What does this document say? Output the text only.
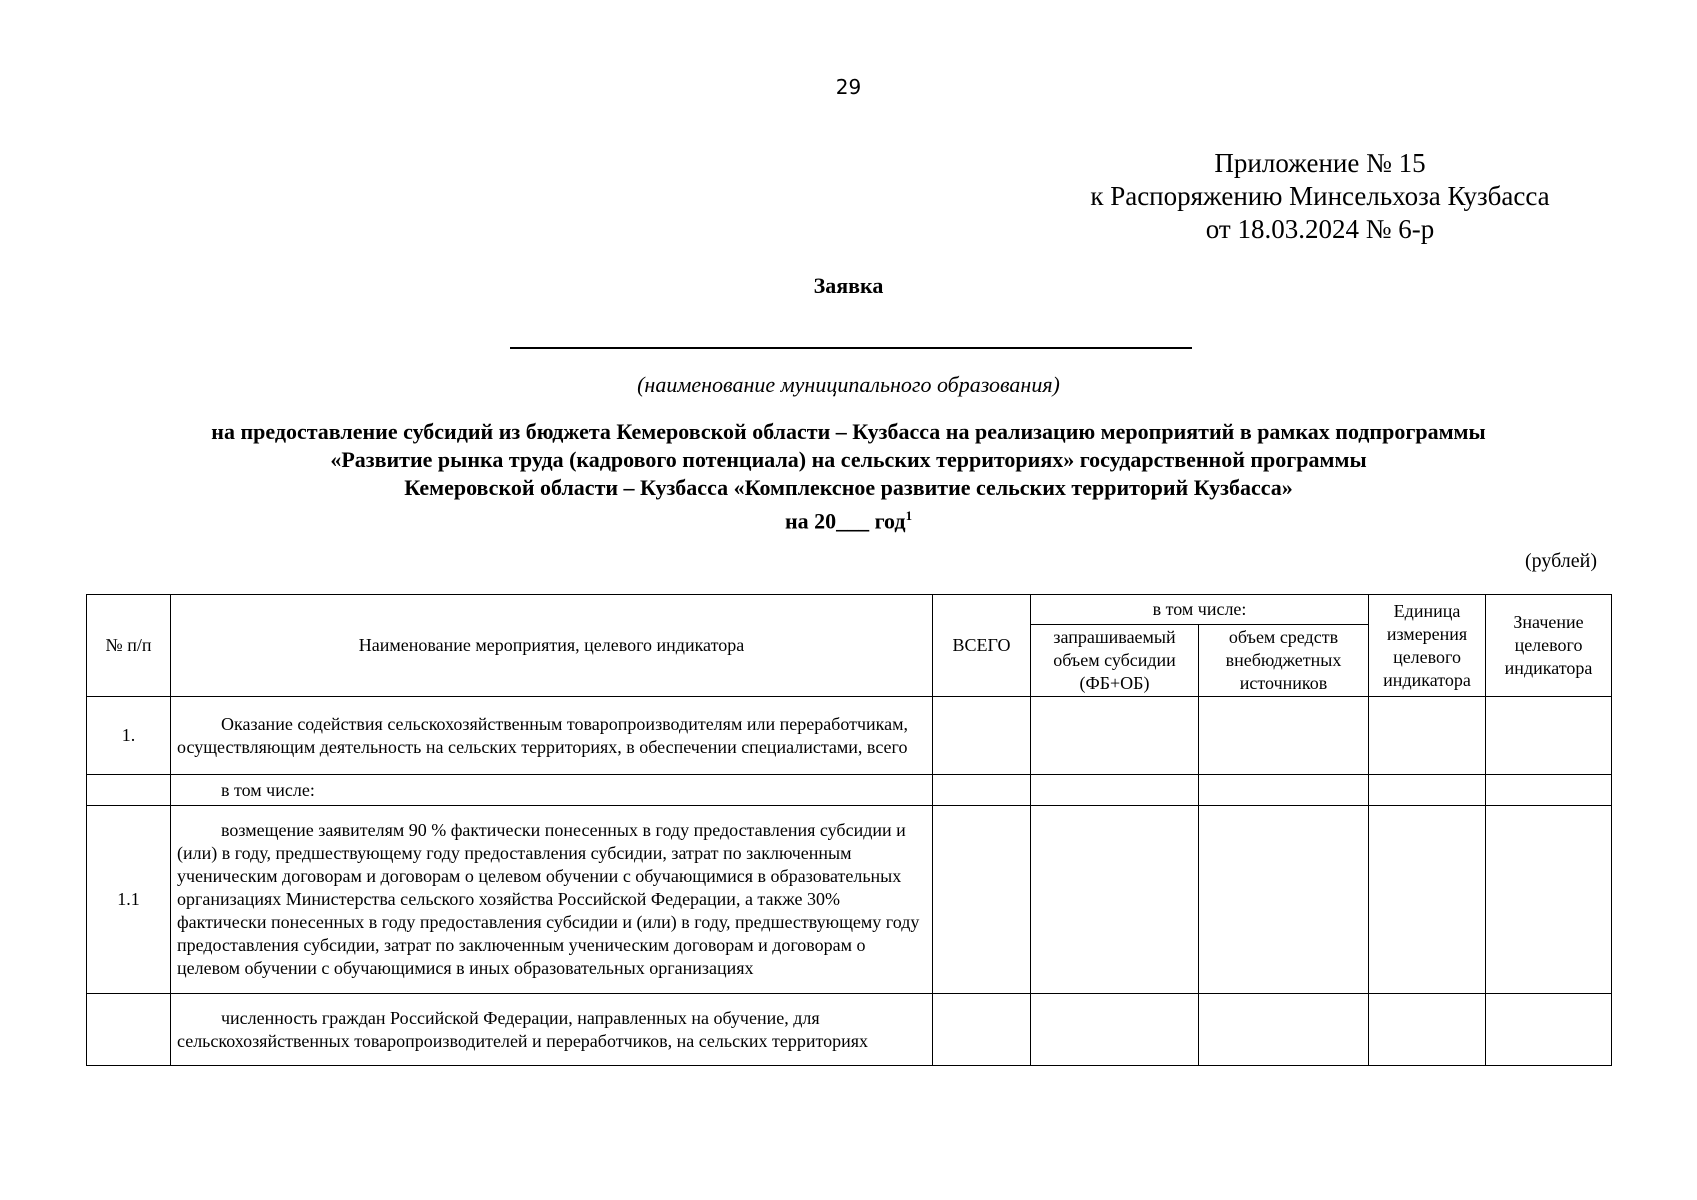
29
Приложение № 15
к Распоряжению Минсельхоза Кузбасса
от 18.03.2024 № 6-р
Заявка
(наименование муниципального образования)
на предоставление субсидий из бюджета Кемеровской области – Кузбасса на реализацию мероприятий в рамках подпрограммы
«Развитие рынка труда (кадрового потенциала) на сельских территориях» государственной программы
Кемеровской области – Кузбасса «Комплексное развитие сельских территорий Кузбасса»
на 20___ год$^1$
(рублей)
№ п/п	Наименование мероприятия, целевого индикатора	ВСЕГО	в том числе:		Единица измерения целевого индикатора	Значение целевого индикатора
			запрашиваемый объем субсидии (ФБ+ОБ)	объем средств внебюджетных источников		
1.	Оказание содействия сельскохозяйственным товаропроизводителям или переработчикам, осуществляющим деятельность на сельских территориях, в обеспечении специалистами, всего					
	в том числе:					
1.1	возмещение заявителям 90 % фактически понесенных в году предоставления субсидии и (или) в году, предшествующему году предоставления субсидии, затрат по заключенным ученическим договорам и договорам о целевом обучении с обучающимися в образовательных организациях Министерства сельского хозяйства Российской Федерации, а также 30% фактически понесенных в году предоставления субсидии и (или) в году, предшествующему году предоставления субсидии, затрат по заключенным ученическим договорам и договорам о целевом обучении с обучающимися в иных образовательных организациях					
	численность граждан Российской Федерации, направленных на обучение, для сельскохозяйственных товаропроизводителей и переработчиков, на сельских территориях					
